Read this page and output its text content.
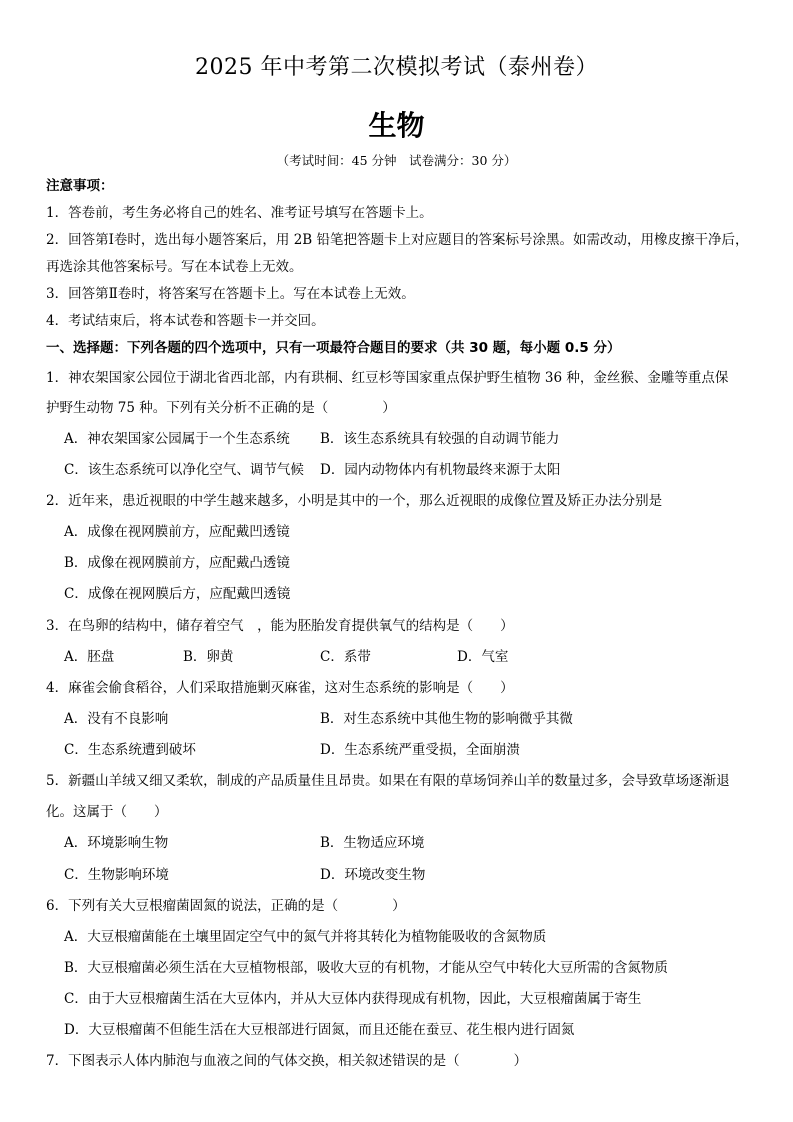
2025 年中考第二次模拟考试（泰州卷）
生物
（考试时间：45 分钟　试卷满分：30 分）
注意事项：
1．答卷前，考生务必将自己的姓名、准考证号填写在答题卡上。
2．回答第Ⅰ卷时，选出每小题答案后，用 2B 铅笔把答题卡上对应题目的答案标号涂黑。如需改动，用橡皮擦干净后，
再选涂其他答案标号。写在本试卷上无效。
3．回答第Ⅱ卷时，将答案写在答题卡上。写在本试卷上无效。
4．考试结束后，将本试卷和答题卡一并交回。
一、选择题：下列各题的四个选项中，只有一项最符合题目的要求（共 30 题，每小题 0.5 分）
1．神农架国家公园位于湖北省西北部，内有珙桐、红豆杉等国家重点保护野生植物 36 种，金丝猴、金雕等重点保
护野生动物 75 种。下列有关分析不正确的是（　　　　）
A．神农架国家公园属于一个生态系统 B．该生态系统具有较强的自动调节能力
C．该生态系统可以净化空气、调节气候 D．园内动物体内有机物最终来源于太阳
2．近年来，患近视眼的中学生越来越多，小明是其中的一个，那么近视眼的成像位置及矫正办法分别是
A．成像在视网膜前方，应配戴凹透镜
B．成像在视网膜前方，应配戴凸透镜
C．成像在视网膜后方，应配戴凹透镜
3．在鸟卵的结构中，储存着空气　，能为胚胎发育提供氧气的结构是（　　）
A．胚盘	B．卵黄	C．系带	D．气室
4．麻雀会偷食稻谷，人们采取措施剿灭麻雀，这对生态系统的影响是（　　）
A．没有不良影响	B．对生态系统中其他生物的影响微乎其微
C．生态系统遭到破坏	D．生态系统严重受损，全面崩溃
5．新疆山羊绒又细又柔软，制成的产品质量佳且昂贵。如果在有限的草场饲养山羊的数量过多，会导致草场逐渐退
化。这属于（　　）
A．环境影响生物	B．生物适应环境
C．生物影响环境	D．环境改变生物
6．下列有关大豆根瘤菌固氮的说法，正确的是（　　　　）
A．大豆根瘤菌能在土壤里固定空气中的氮气并将其转化为植物能吸收的含氮物质
B．大豆根瘤菌必须生活在大豆植物根部，吸收大豆的有机物，才能从空气中转化大豆所需的含氮物质
C．由于大豆根瘤菌生活在大豆体内，并从大豆体内获得现成有机物，因此，大豆根瘤菌属于寄生
D．大豆根瘤菌不但能生活在大豆根部进行固氮，而且还能在蚕豆、花生根内进行固氮
7．下图表示人体内肺泡与血液之间的气体交换，相关叙述错误的是（　　　　）
